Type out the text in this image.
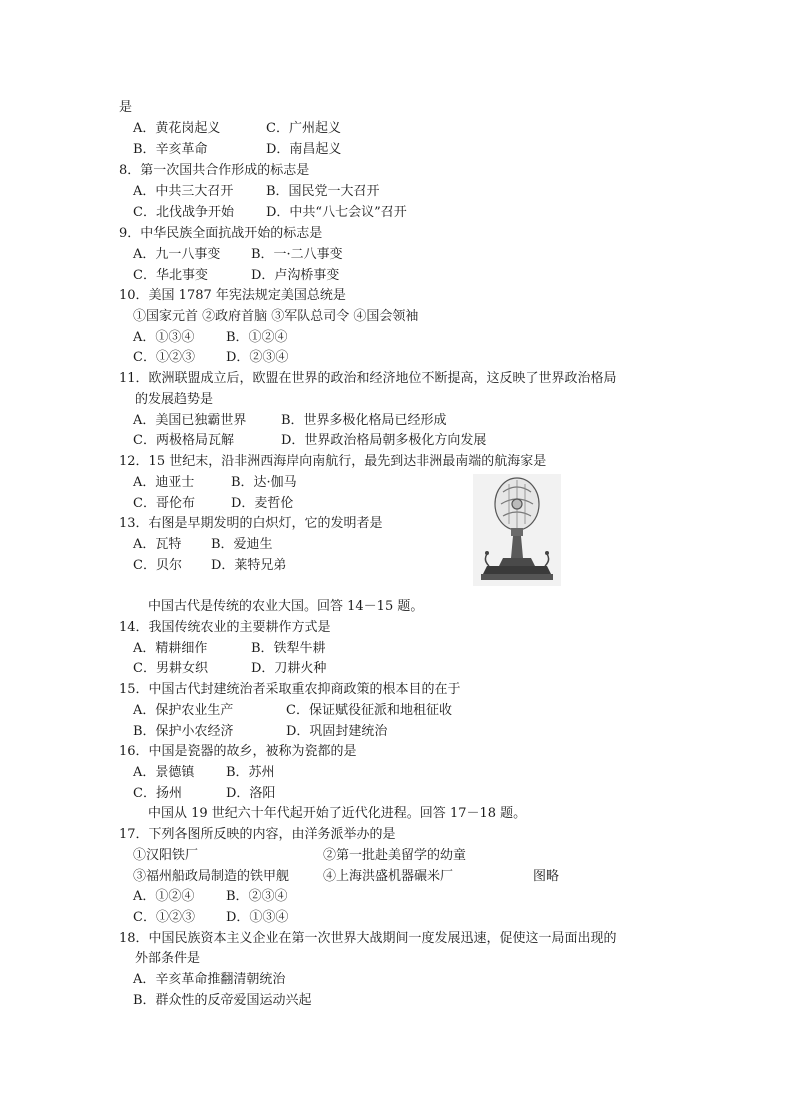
是
A．黄花岗起义	C．广州起义
B．辛亥革命	D．南昌起义
8．第一次国共合作形成的标志是
A．中共三大召开	B．国民党一大召开
C．北伐战争开始 D．中共“八七会议”召开
9．中华民族全面抗战开始的标志是
A．九一八事变 B．一·二八事变
C．华北事变	D．卢沟桥事变
10．美国 1787 年宪法规定美国总统是
①国家元首 ②政府首脑 ③军队总司令 ④国会领袖
A．①③④ B．①②④
C．①②③ D．②③④
11．欧洲联盟成立后，欧盟在世界的政治和经济地位不断提高，这反映了世界政治格局
的发展趋势是
A．美国已独霸世界	B．世界多极化格局已经形成
C．两极格局瓦解	D．世界政治格局朝多极化方向发展
12．15 世纪末，沿非洲西海岸向南航行，最先到达非洲最南端的航海家是
A．迪亚士	B．达·伽马
C．哥伦布	D．麦哲伦
13．右图是早期发明的白炽灯，它的发明者是
A．瓦特 B．爱迪生
C．贝尔 D．莱特兄弟
中国古代是传统的农业大国。回答 14－15 题。
14．我国传统农业的主要耕作方式是
A．精耕细作	B．铁犁牛耕
C．男耕女织	D．刀耕火种
15．中国古代封建统治者采取重农抑商政策的根本目的在于
A．保护农业生产	C．保证赋役征派和地租征收
B．保护小农经济	D．巩固封建统治
16．中国是瓷器的故乡，被称为瓷都的是
A．景德镇 B．苏州
C．扬州	D．洛阳
中国从 19 世纪六十年代起开始了近代化进程。回答 17－18 题。
17．下列各图所反映的内容，由洋务派举办的是
①汉阳铁厂	②第一批赴美留学的幼童
③福州船政局制造的铁甲舰	④上海洪盛机器碾米厂	图略
A．①②④ B．②③④
C．①②③ D．①③④
18．中国民族资本主义企业在第一次世界大战期间一度发展迅速，促使这一局面出现的
外部条件是
A．辛亥革命推翻清朝统治
B．群众性的反帝爱国运动兴起
